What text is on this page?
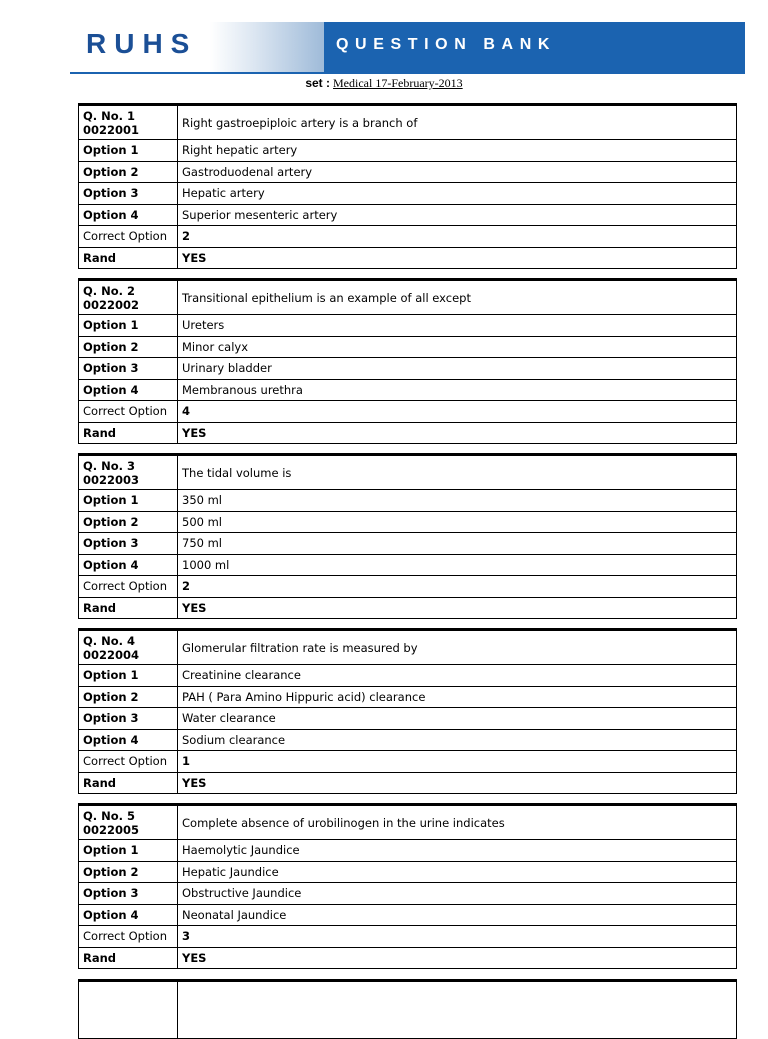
RUHS	QUESTION BANK
set : Medical 17-February-2013
Q. No. 1
0022001	Right gastroepiploic artery is a branch of
Option 1	Right hepatic artery
Option 2	Gastroduodenal artery
Option 3	Hepatic artery
Option 4	Superior mesenteric artery
Correct Option	2
Rand	YES
Q. No. 2
0022002	Transitional epithelium is an example of all except
Option 1	Ureters
Option 2	Minor calyx
Option 3	Urinary bladder
Option 4	Membranous urethra
Correct Option	4
Rand	YES
Q. No. 3
0022003	The tidal volume is
Option 1	350 ml
Option 2	500 ml
Option 3	750 ml
Option 4	1000 ml
Correct Option	2
Rand	YES
Q. No. 4
0022004	Glomerular filtration rate is measured by
Option 1	Creatinine clearance
Option 2	PAH ( Para Amino Hippuric acid) clearance
Option 3	Water clearance
Option 4	Sodium clearance
Correct Option	1
Rand	YES
Q. No. 5
0022005	Complete absence of urobilinogen in the urine indicates
Option 1	Haemolytic Jaundice
Option 2	Hepatic Jaundice
Option 3	Obstructive Jaundice
Option 4	Neonatal Jaundice
Correct Option	3
Rand	YES
